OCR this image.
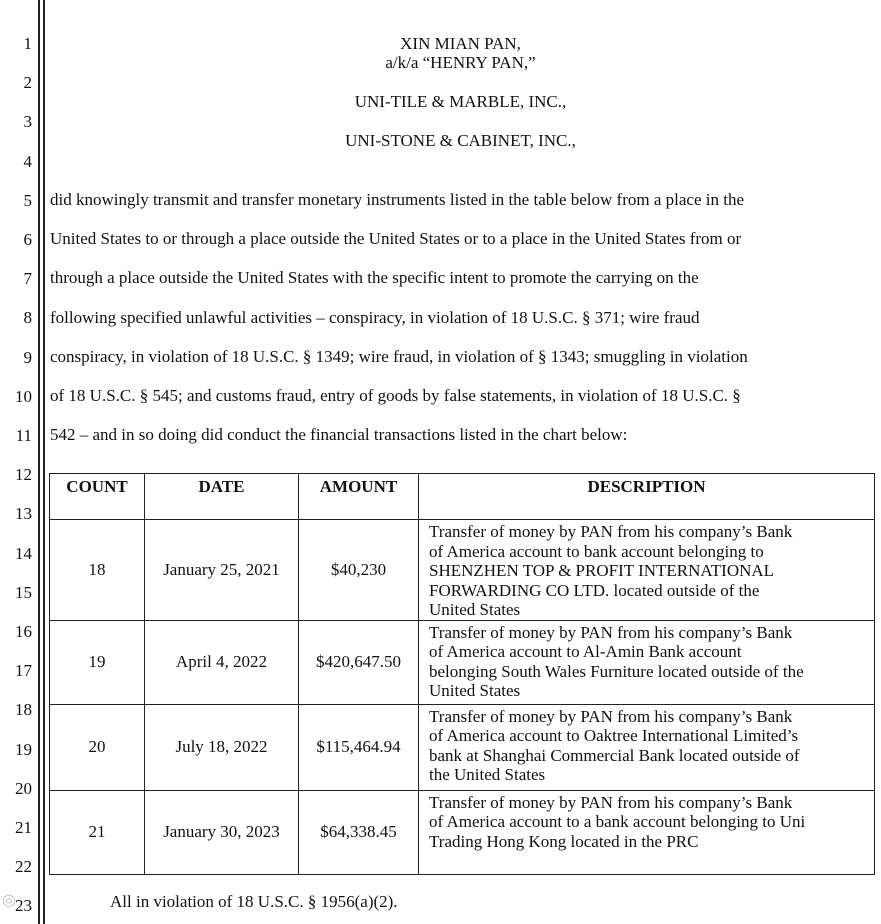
1
2
3
4
5
6
7
8
9
10
11
12
13
14
15
16
17
18
19
20
21
22
23
XIN MIAN PAN,
a/k/a “HENRY PAN,”
UNI-TILE & MARBLE, INC.,
UNI-STONE & CABINET, INC.,
did knowingly transmit and transfer monetary instruments listed in the table below from a place in the
United States to or through a place outside the United States or to a place in the United States from or
through a place outside the United States with the specific intent to promote the carrying on the
following specified unlawful activities – conspiracy, in violation of 18 U.S.C. § 371; wire fraud
conspiracy, in violation of 18 U.S.C. § 1349; wire fraud, in violation of § 1343; smuggling in violation
of 18 U.S.C. § 545; and customs fraud, entry of goods by false statements, in violation of 18 U.S.C. §
542 – and in so doing did conduct the financial transactions listed in the chart below:
COUNT	DATE	AMOUNT	DESCRIPTION
18	January 25, 2021	$40,230	Transfer of money by PAN from his company’s Bank
of America account to bank account belonging to
SHENZHEN TOP & PROFIT INTERNATIONAL
FORWARDING CO LTD. located outside of the
United States

19	April 4, 2022	$420,647.50	Transfer of money by PAN from his company’s Bank
of America account to Al-Amin Bank account
belonging South Wales Furniture located outside of the
United States

20	July 18, 2022	$115,464.94	Transfer of money by PAN from his company’s Bank
of America account to Oaktree International Limited’s
bank at Shanghai Commercial Bank located outside of
the United States

21	January 30, 2023	$64,338.45	Transfer of money by PAN from his company’s Bank
of America account to a bank account belonging to Uni
Trading Hong Kong located in the PRC
All in violation of 18 U.S.C. § 1956(a)(2).
◎
